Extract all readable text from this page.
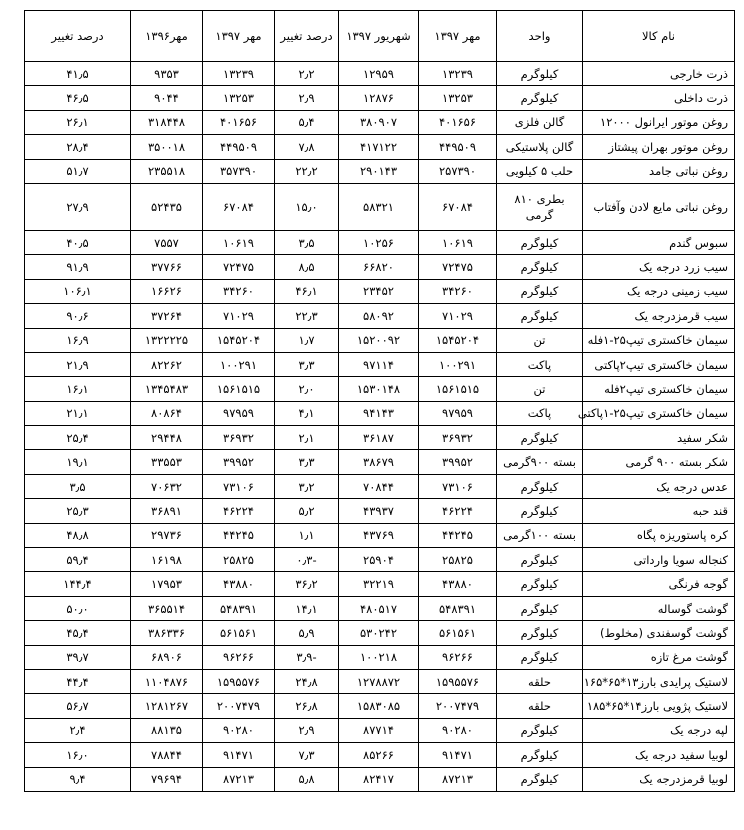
نام کالا	واحد	مهر ۱۳۹۷	شهریور ۱۳۹۷	درصد تغییر	مهر ۱۳۹۷	مهر۱۳۹۶	درصد تغییر
ذرت خارجی	کیلوگرم	۱۳۲۳۹	۱۲۹۵۹	۲٫۲	۱۳۲۳۹	۹۳۵۳	۴۱٫۵
ذرت داخلی	کیلوگرم	۱۳۲۵۳	۱۲۸۷۶	۲٫۹	۱۳۲۵۳	۹۰۴۴	۴۶٫۵
روغن موتور ایرانول ۱۲۰۰۰	گالن فلزی	۴۰۱۶۵۶	۳۸۰۹۰۷	۵٫۴	۴۰۱۶۵۶	۳۱۸۴۴۸	۲۶٫۱
روغن موتور بهران پیشتاز	گالن پلاستیکی	۴۴۹۵۰۹	۴۱۷۱۲۲	۷٫۸	۴۴۹۵۰۹	۳۵۰۰۱۸	۲۸٫۴
روغن نباتی جامد	حلب ۵ کیلویی	۲۵۷۳۹۰	۲۹۰۱۴۳	۲۲٫۲	۳۵۷۳۹۰	۲۳۵۵۱۸	۵۱٫۷
روغن نباتی مایع لادن وآفتاب	بطری ۸۱۰ گرمی	۶۷۰۸۴	۵۸۳۲۱	۱۵٫۰	۶۷۰۸۴	۵۲۴۳۵	۲۷٫۹
سبوس گندم	کیلوگرم	۱۰۶۱۹	۱۰۲۵۶	۳٫۵	۱۰۶۱۹	۷۵۵۷	۴۰٫۵
سیب زرد درجه یک	کیلوگرم	۷۲۴۷۵	۶۶۸۲۰	۸٫۵	۷۲۴۷۵	۳۷۷۶۶	۹۱٫۹
سیب زمینی درجه یک	کیلوگرم	۳۴۲۶۰	۲۳۴۵۲	۴۶٫۱	۳۴۲۶۰	۱۶۶۲۶	۱۰۶٫۱
سیب قرمزدرجه یک	کیلوگرم	۷۱۰۲۹	۵۸۰۹۲	۲۲٫۳	۷۱۰۲۹	۳۷۲۶۴	۹۰٫۶
سیمان خاکستری تیپ۲۵-۱فله	تن	۱۵۴۵۲۰۴	۱۵۲۰۰۹۲	۱٫۷	۱۵۴۵۲۰۴	۱۳۲۲۲۲۵	۱۶٫۹
سیمان خاکستری تیپ۲پاکتی	پاکت	۱۰۰۲۹۱	۹۷۱۱۴	۳٫۳	۱۰۰۲۹۱	۸۲۲۶۲	۲۱٫۹
سیمان خاکستری تیپ۲فله	تن	۱۵۶۱۵۱۵	۱۵۳۰۱۴۸	۲٫۰	۱۵۶۱۵۱۵	۱۳۴۵۴۸۳	۱۶٫۱
سیمان خاکستری تیپ۲۵-۱پاکتی	پاکت	۹۷۹۵۹	۹۴۱۴۳	۴٫۱	۹۷۹۵۹	۸۰۸۶۴	۲۱٫۱
شکر سفید	کیلوگرم	۳۶۹۳۲	۳۶۱۸۷	۲٫۱	۳۶۹۳۲	۲۹۴۴۸	۲۵٫۴
شکر بسته ۹۰۰ گرمی	بسته ۹۰۰گرمی	۳۹۹۵۲	۳۸۶۷۹	۳٫۳	۳۹۹۵۲	۳۳۵۵۳	۱۹٫۱
عدس درجه یک	کیلوگرم	۷۳۱۰۶	۷۰۸۴۴	۳٫۲	۷۳۱۰۶	۷۰۶۳۲	۳٫۵
قند حبه	کیلوگرم	۴۶۲۲۴	۴۳۹۳۷	۵٫۲	۴۶۲۲۴	۳۶۸۹۱	۲۵٫۳
کره پاستوریزه پگاه	بسته ۱۰۰گرمی	۴۴۲۴۵	۴۳۷۶۹	۱٫۱	۴۴۲۴۵	۲۹۷۳۶	۴۸٫۸
کنجاله سویا وارداتی	کیلوگرم	۲۵۸۲۵	۲۵۹۰۴	-۰٫۳	۲۵۸۲۵	۱۶۱۹۸	۵۹٫۴
گوجه فرنگی	کیلوگرم	۴۳۸۸۰	۳۲۲۱۹	۳۶٫۲	۴۳۸۸۰	۱۷۹۵۳	۱۴۴٫۴
گوشت گوساله	کیلوگرم	۵۴۸۳۹۱	۴۸۰۵۱۷	۱۴٫۱	۵۴۸۳۹۱	۳۶۵۵۱۴	۵۰٫۰
گوشت گوسفندی (مخلوط)	کیلوگرم	۵۶۱۵۶۱	۵۳۰۲۴۲	۵٫۹	۵۶۱۵۶۱	۳۸۶۳۳۶	۴۵٫۴
گوشت مرغ تازه	کیلوگرم	۹۶۲۶۶	۱۰۰۲۱۸	-۳٫۹	۹۶۲۶۶	۶۸۹۰۶	۳۹٫۷
لاستیک پرایدی بارز۱۳*۶۵*۱۶۵	حلقه	۱۵۹۵۵۷۶	۱۲۷۸۸۷۲	۲۴٫۸	۱۵۹۵۵۷۶	۱۱۰۴۸۷۶	۴۴٫۴
لاستیک پژویی بارز۱۴*۶۵*۱۸۵	حلقه	۲۰۰۷۴۷۹	۱۵۸۳۰۸۵	۲۶٫۸	۲۰۰۷۴۷۹	۱۲۸۱۲۶۷	۵۶٫۷
لپه درجه یک	کیلوگرم	۹۰۲۸۰	۸۷۷۱۴	۲٫۹	۹۰۲۸۰	۸۸۱۳۵	۲٫۴
لوبیا سفید درجه یک	کیلوگرم	۹۱۴۷۱	۸۵۲۶۶	۷٫۳	۹۱۴۷۱	۷۸۸۴۴	۱۶٫۰
لوبیا قرمزدرجه یک	کیلوگرم	۸۷۲۱۳	۸۲۴۱۷	۵٫۸	۸۷۲۱۳	۷۹۶۹۴	۹٫۴
